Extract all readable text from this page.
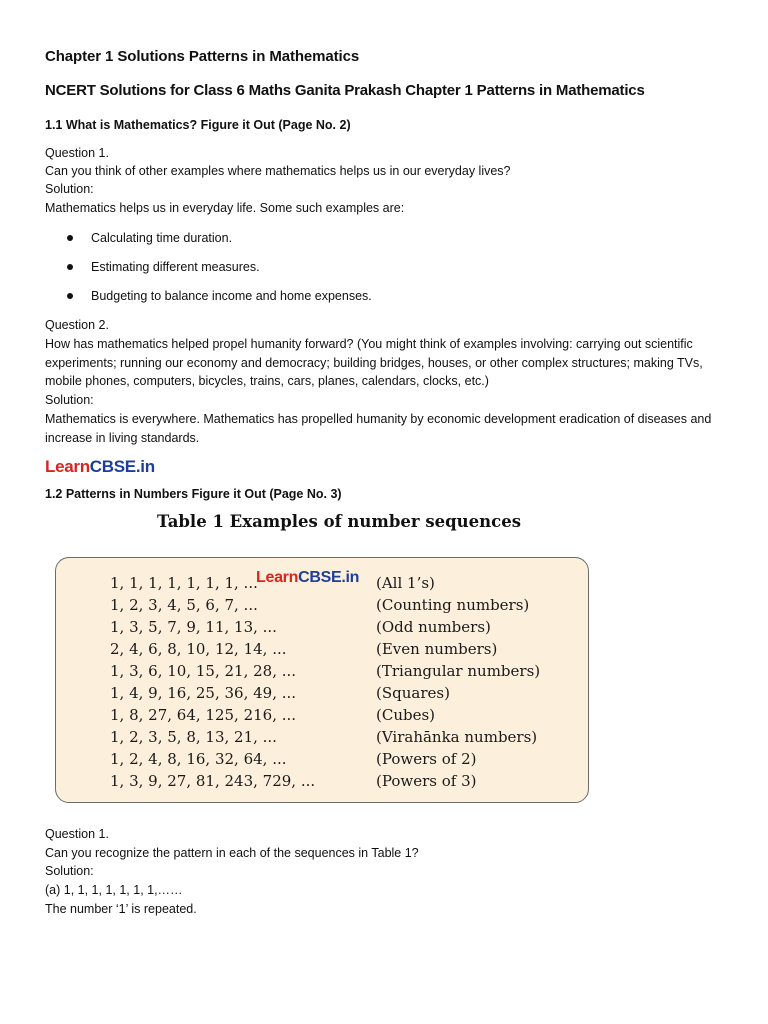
Chapter 1 Solutions Patterns in Mathematics
NCERT Solutions for Class 6 Maths Ganita Prakash Chapter 1 Patterns in Mathematics
1.1 What is Mathematics? Figure it Out (Page No. 2)
Question 1.
Can you think of other examples where mathematics helps us in our everyday lives?
Solution:
Mathematics helps us in everyday life. Some such examples are:
Calculating time duration.
Estimating different measures.
Budgeting to balance income and home expenses.
Question 2.
How has mathematics helped propel humanity forward? (You might think of examples involving: carrying out scientific experiments; running our economy and democracy; building bridges, houses, or other complex structures; making TVs, mobile phones, computers, bicycles, trains, cars, planes, calendars, clocks, etc.)
Solution:
Mathematics is everywhere. Mathematics has propelled humanity by economic development eradication of diseases and increase in living standards.
LearnCBSE.in
1.2 Patterns in Numbers Figure it Out (Page No. 3)
Table 1 Examples of number sequences
1, 1, 1, 1, 1, 1, 1, ...	(All 1’s)
LearnCBSE.in
1, 2, 3, 4, 5, 6, 7, ...	(Counting numbers)
1, 3, 5, 7, 9, 11, 13, ...	(Odd numbers)
2, 4, 6, 8, 10, 12, 14, ...	(Even numbers)
1, 3, 6, 10, 15, 21, 28, ...	(Triangular numbers)
1, 4, 9, 16, 25, 36, 49, ...	(Squares)
1, 8, 27, 64, 125, 216, ...	(Cubes)
1, 2, 3, 5, 8, 13, 21, ...	(Virahānka numbers)
1, 2, 4, 8, 16, 32, 64, ...	(Powers of 2)
1, 3, 9, 27, 81, 243, 729, ...	(Powers of 3)
Question 1.
Can you recognize the pattern in each of the sequences in Table 1?
Solution:
(a) 1, 1, 1, 1, 1, 1, 1,……
The number ‘1’ is repeated.
